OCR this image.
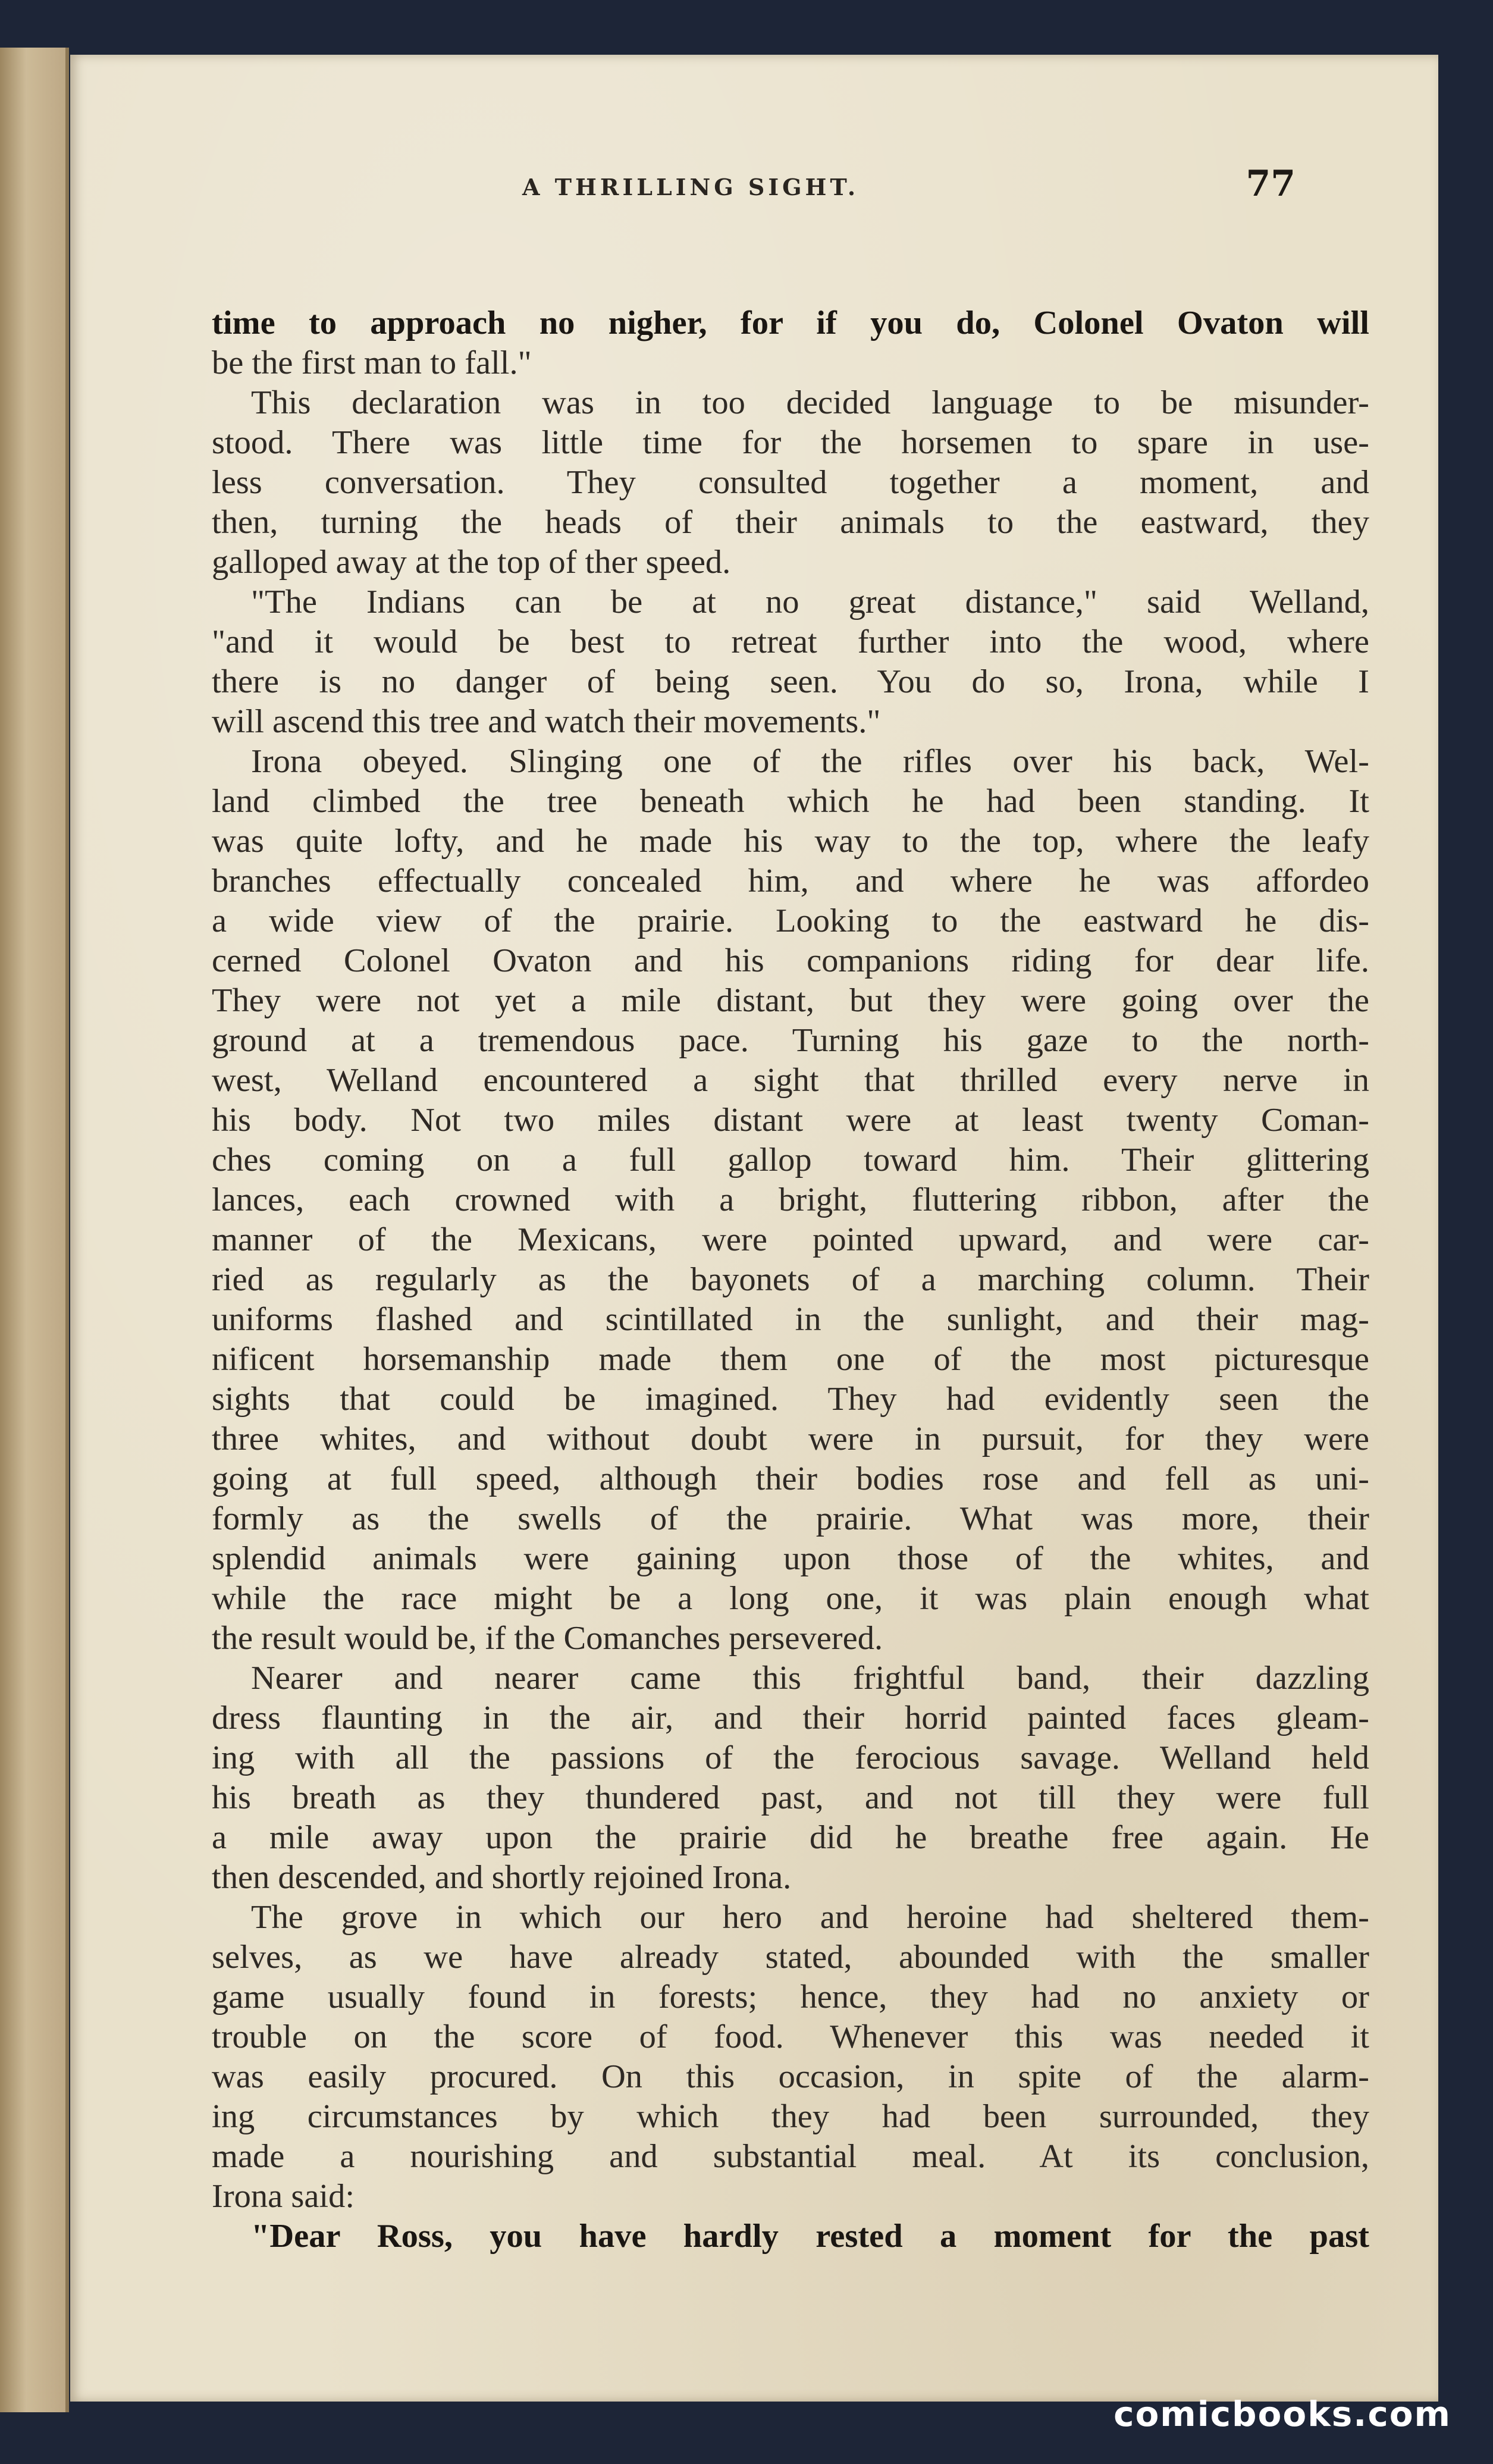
A THRILLING SIGHT.	77
time to approach no nigher, for if you do, Colonel Ovaton will
be the first man to fall."
This declaration was in too decided language to be misunder-
stood. There was little time for the horsemen to spare in use-
less conversation. They consulted together a moment, and
then, turning the heads of their animals to the eastward, they
galloped away at the top of ther speed.
"The Indians can be at no great distance," said Welland,
"and it would be best to retreat further into the wood, where
there is no danger of being seen. You do so, Irona, while I
will ascend this tree and watch their movements."
Irona obeyed. Slinging one of the rifles over his back, Wel-
land climbed the tree beneath which he had been standing. It
was quite lofty, and he made his way to the top, where the leafy
branches effectually concealed him, and where he was affordeo
a wide view of the prairie. Looking to the eastward he dis-
cerned Colonel Ovaton and his companions riding for dear life.
They were not yet a mile distant, but they were going over the
ground at a tremendous pace. Turning his gaze to the north-
west, Welland encountered a sight that thrilled every nerve in
his body. Not two miles distant were at least twenty Coman-
ches coming on a full gallop toward him. Their glittering
lances, each crowned with a bright, fluttering ribbon, after the
manner of the Mexicans, were pointed upward, and were car-
ried as regularly as the bayonets of a marching column. Their
uniforms flashed and scintillated in the sunlight, and their mag-
nificent horsemanship made them one of the most picturesque
sights that could be imagined. They had evidently seen the
three whites, and without doubt were in pursuit, for they were
going at full speed, although their bodies rose and fell as uni-
formly as the swells of the prairie. What was more, their
splendid animals were gaining upon those of the whites, and
while the race might be a long one, it was plain enough what
the result would be, if the Comanches persevered.
Nearer and nearer came this frightful band, their dazzling
dress flaunting in the air, and their horrid painted faces gleam-
ing with all the passions of the ferocious savage. Welland held
his breath as they thundered past, and not till they were full
a mile away upon the prairie did he breathe free again. He
then descended, and shortly rejoined Irona.
The grove in which our hero and heroine had sheltered them-
selves, as we have already stated, abounded with the smaller
game usually found in forests; hence, they had no anxiety or
trouble on the score of food. Whenever this was needed it
was easily procured. On this occasion, in spite of the alarm-
ing circumstances by which they had been surrounded, they
made a nourishing and substantial meal. At its conclusion,
Irona said:
"Dear Ross, you have hardly rested a moment for the past
comicbooks.com
